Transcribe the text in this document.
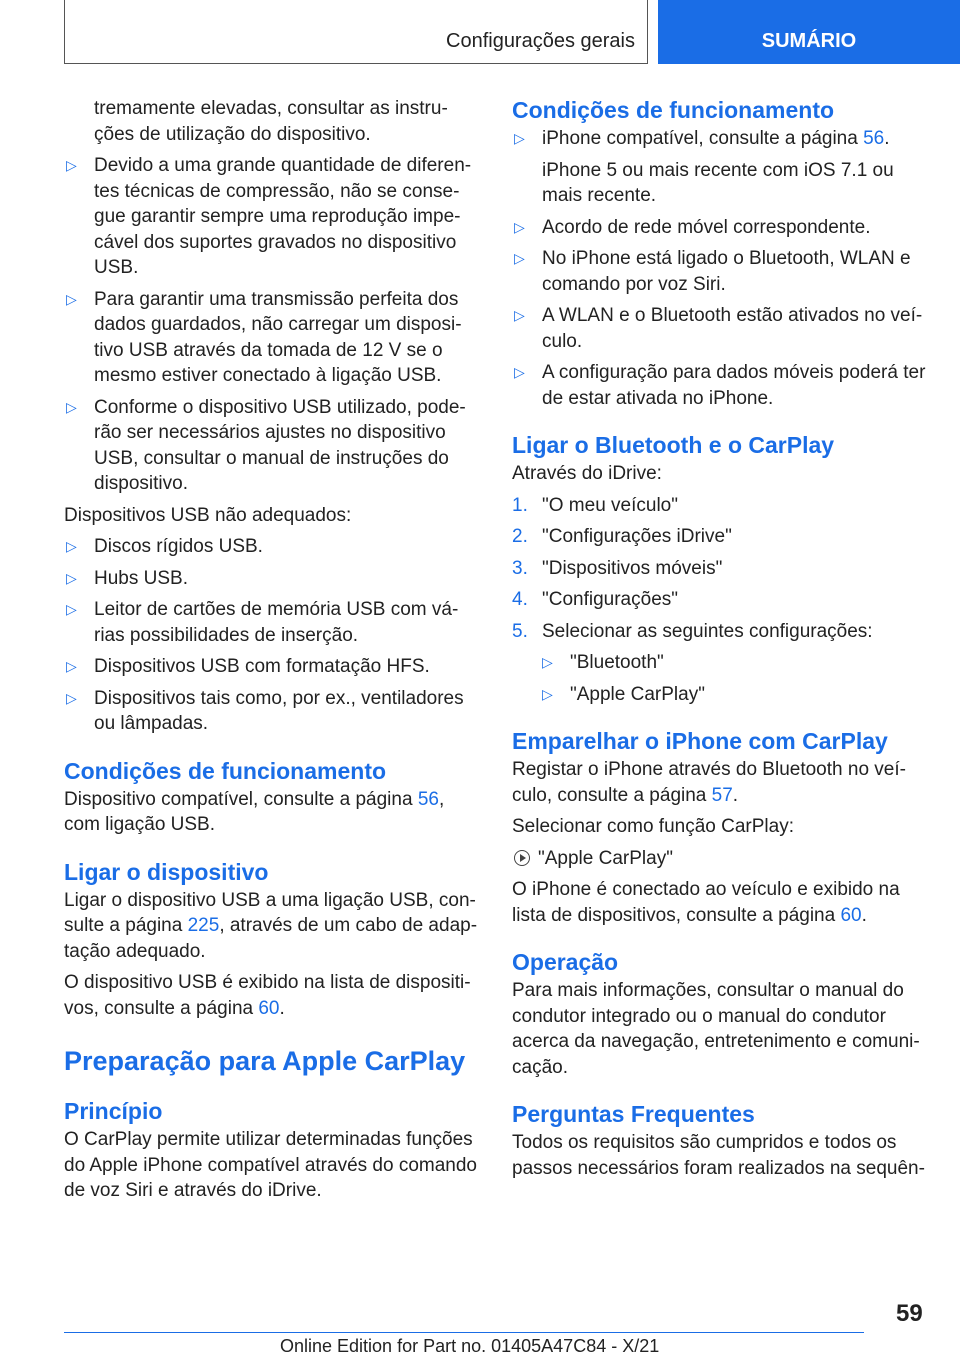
Configurações gerais	SUMÁRIO
tremamente elevadas, consultar as instru-ções de utilização do dispositivo.
▷ Devido a uma grande quantidade de diferen-tes técnicas de compressão, não se conse-gue garantir sempre uma reprodução impe-cável dos suportes gravados no dispositivo USB.
▷ Para garantir uma transmissão perfeita dos dados guardados, não carregar um disposi-tivo USB através da tomada de 12 V se o mesmo estiver conectado à ligação USB.
▷ Conforme o dispositivo USB utilizado, pode-rão ser necessários ajustes no dispositivo USB, consultar o manual de instruções do dispositivo.

Dispositivos USB não adequados:

▷ Discos rígidos USB.
▷ Hubs USB.
▷ Leitor de cartões de memória USB com vá-rias possibilidades de inserção.
▷ Dispositivos USB com formatação HFS.
▷ Dispositivos tais como, por ex., ventiladores ou lâmpadas.
Condições de funcionamento

Dispositivo compatível, consulte a página 56, com ligação USB.

Ligar o dispositivo

Ligar o dispositivo USB a uma ligação USB, con-sulte a página 225, através de um cabo de adap-tação adequado.

O dispositivo USB é exibido na lista de dispositi-vos, consulte a página 60.

Preparação para Apple CarPlay
Princípio

O CarPlay permite utilizar determinadas funções do Apple iPhone compatível através do comando de voz Siri e através do iDrive.

Condições de funcionamento
▷ iPhone compatível, consulte a página 56.
iPhone 5 ou mais recente com iOS 7.1 ou mais recente.
▷ Acordo de rede móvel correspondente.
▷ No iPhone está ligado o Bluetooth, WLAN e comando por voz Siri.
▷ A WLAN e o Bluetooth estão ativados no veí-culo.
▷ A configuração para dados móveis poderá ter de estar ativada no iPhone.
Ligar o Bluetooth e o CarPlay

Através do iDrive:

1. "O meu veículo"
2. "Configurações iDrive"
3. "Dispositivos móveis"
4. "Configurações"
5. Selecionar as seguintes configurações:
▷ "Bluetooth"
▷ "Apple CarPlay"
Emparelhar o iPhone com CarPlay

Registar o iPhone através do Bluetooth no veí-culo, consulte a página 57.

Selecionar como função CarPlay:

"Apple CarPlay"

O iPhone é conectado ao veículo e exibido na lista de dispositivos, consulte a página 60.

Operação

Para mais informações, consultar o manual do condutor integrado ou o manual do condutor acerca da navegação, entretenimento e comuni-cação.

Perguntas Frequentes

Todos os requisitos são cumpridos e todos os passos necessários foram realizados na sequên-

59
Online Edition for Part no. 01405A47C84 - X/21
